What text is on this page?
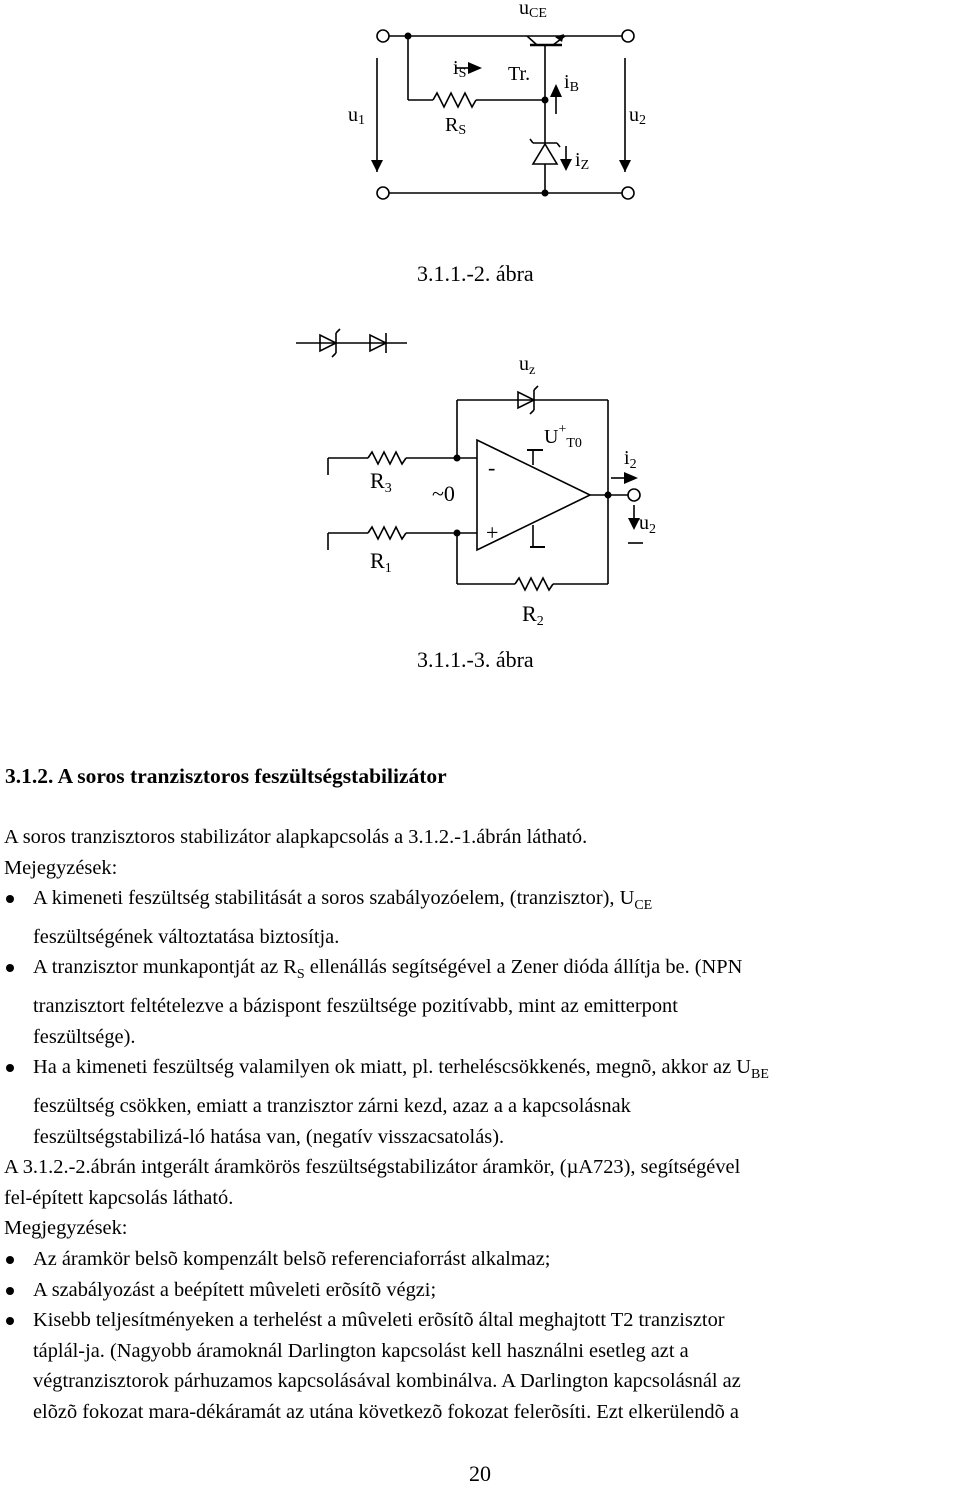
uCE
iS Tr. iB
u1	RS
u2
iZ
3.1.1.-2. ábra
$u_z$
$U^+_{T0}$
$i_2$
R3
-
~0
$u_2$
+
R1
R2
3.1.1.-3. ábra
3.1.2. A soros tranzisztoros feszültségstabilizátor

A soros tranzisztoros stabilizátor alapkapcsolás a 3.1.2.-1.ábrán látható.

Mejegyzések:

A kimeneti feszültség stabilitását a soros szabályozóelem, (tranzisztor), $U_{CE}$
feszültségének változtatása biztosítja.
A tranzisztor munkapontját az $R_S$ ellenállás segítségével a Zener dióda állítja be. (NPN
tranzisztort feltételezve a bázispont feszültsége pozitívabb, mint az emitterpont
feszültsége).
Ha a kimeneti feszültség valamilyen ok miatt, pl. terheléscsökkenés, megnõ, akkor az $U_{BE}$
feszültség csökken, emiatt a tranzisztor zárni kezd, azaz a a kapcsolásnak
feszültségstabilizá-ló hatása van, (negatív visszacsatolás).

A 3.1.2.-2.ábrán intgerált áramkörös feszültségstabilizátor áramkör, (µA723), segítségével

fel-épített kapcsolás látható.

Megjegyzések:

Az áramkör belsõ kompenzált belsõ referenciaforrást alkalmaz;
A szabályozást a beépített mûveleti erõsítõ végzi;
Kisebb teljesítményeken a terhelést a mûveleti erõsítõ által meghajtott T2 tranzisztor
táplál-ja. (Nagyobb áramoknál Darlington kapcsolást kell használni esetleg azt a
végtranzisztorok párhuzamos kapcsolásával kombinálva. A Darlington kapcsolásnál az
elõzõ fokozat mara-dékáramát az utána következõ fokozat felerõsíti. Ezt elkerülendõ a
20
